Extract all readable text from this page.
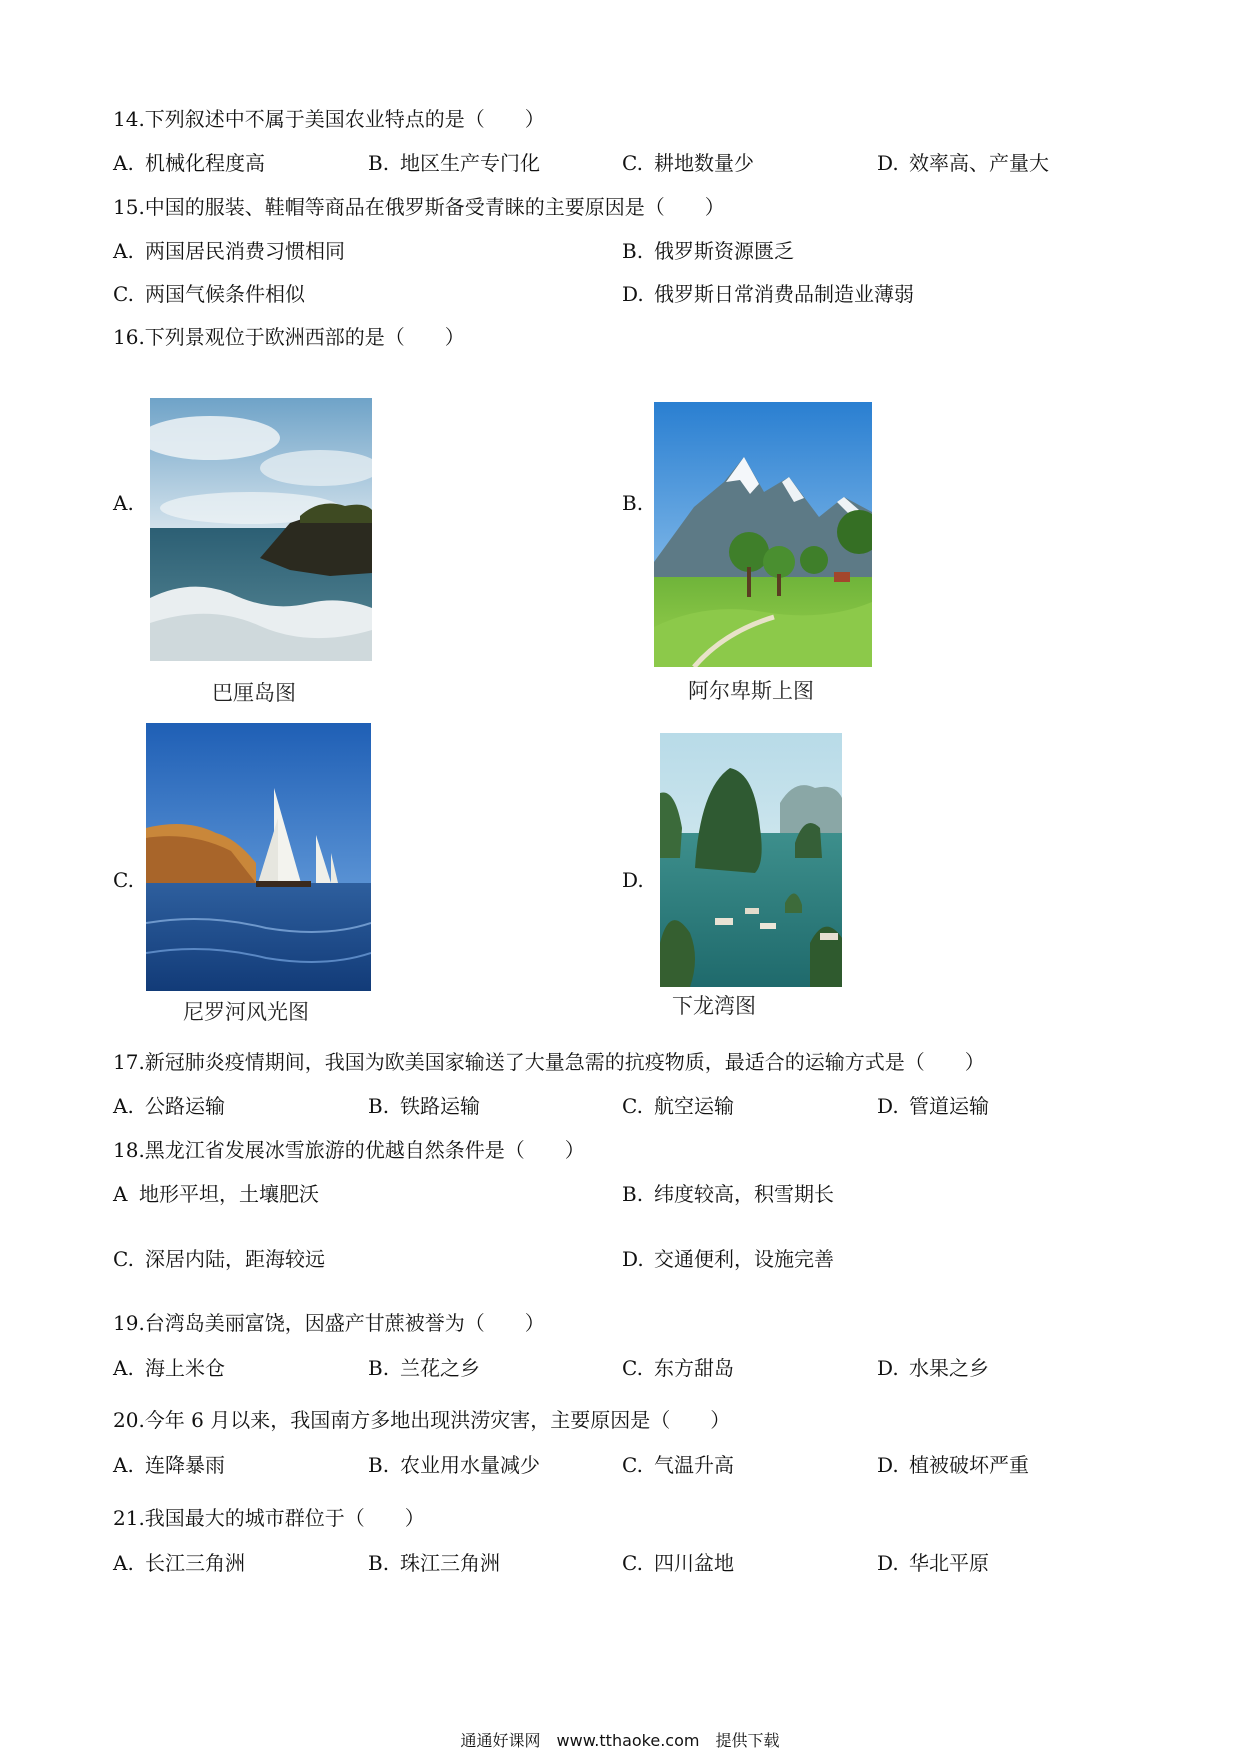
14.下列叙述中不属于美国农业特点的是（　　）
A. 机械化程度高	B. 地区生产专门化	C. 耕地数量少	D. 效率高、产量大
15.中国的服装、鞋帽等商品在俄罗斯备受青睐的主要原因是（　　）
A. 两国居民消费习惯相同	B. 俄罗斯资源匮乏
C. 两国气候条件相似	D. 俄罗斯日常消费品制造业薄弱
16.下列景观位于欧洲西部的是（　　）
A.
巴厘岛图
B.
阿尔卑斯上图
C.
尼罗河风光图
D.
下龙湾图
17.新冠肺炎疫情期间，我国为欧美国家输送了大量急需的抗疫物质，最适合的运输方式是（　　）
A. 公路运输	B. 铁路运输	C. 航空运输	D. 管道运输
18.黑龙江省发展冰雪旅游的优越自然条件是（　　）
A 地形平坦，土壤肥沃	B. 纬度较高，积雪期长
C. 深居内陆，距海较远	D. 交通便利，设施完善
19.台湾岛美丽富饶，因盛产甘蔗被誉为（　　）
A. 海上米仓	B. 兰花之乡	C. 东方甜岛	D. 水果之乡
20.今年 6 月以来，我国南方多地出现洪涝灾害，主要原因是（　　）
A. 连降暴雨	B. 农业用水量减少	C. 气温升高	D. 植被破坏严重
21.我国最大的城市群位于（　　）
A. 长江三角洲	B. 珠江三角洲	C. 四川盆地	D. 华北平原
通通好课网　www.tthaoke.com　提供下载
